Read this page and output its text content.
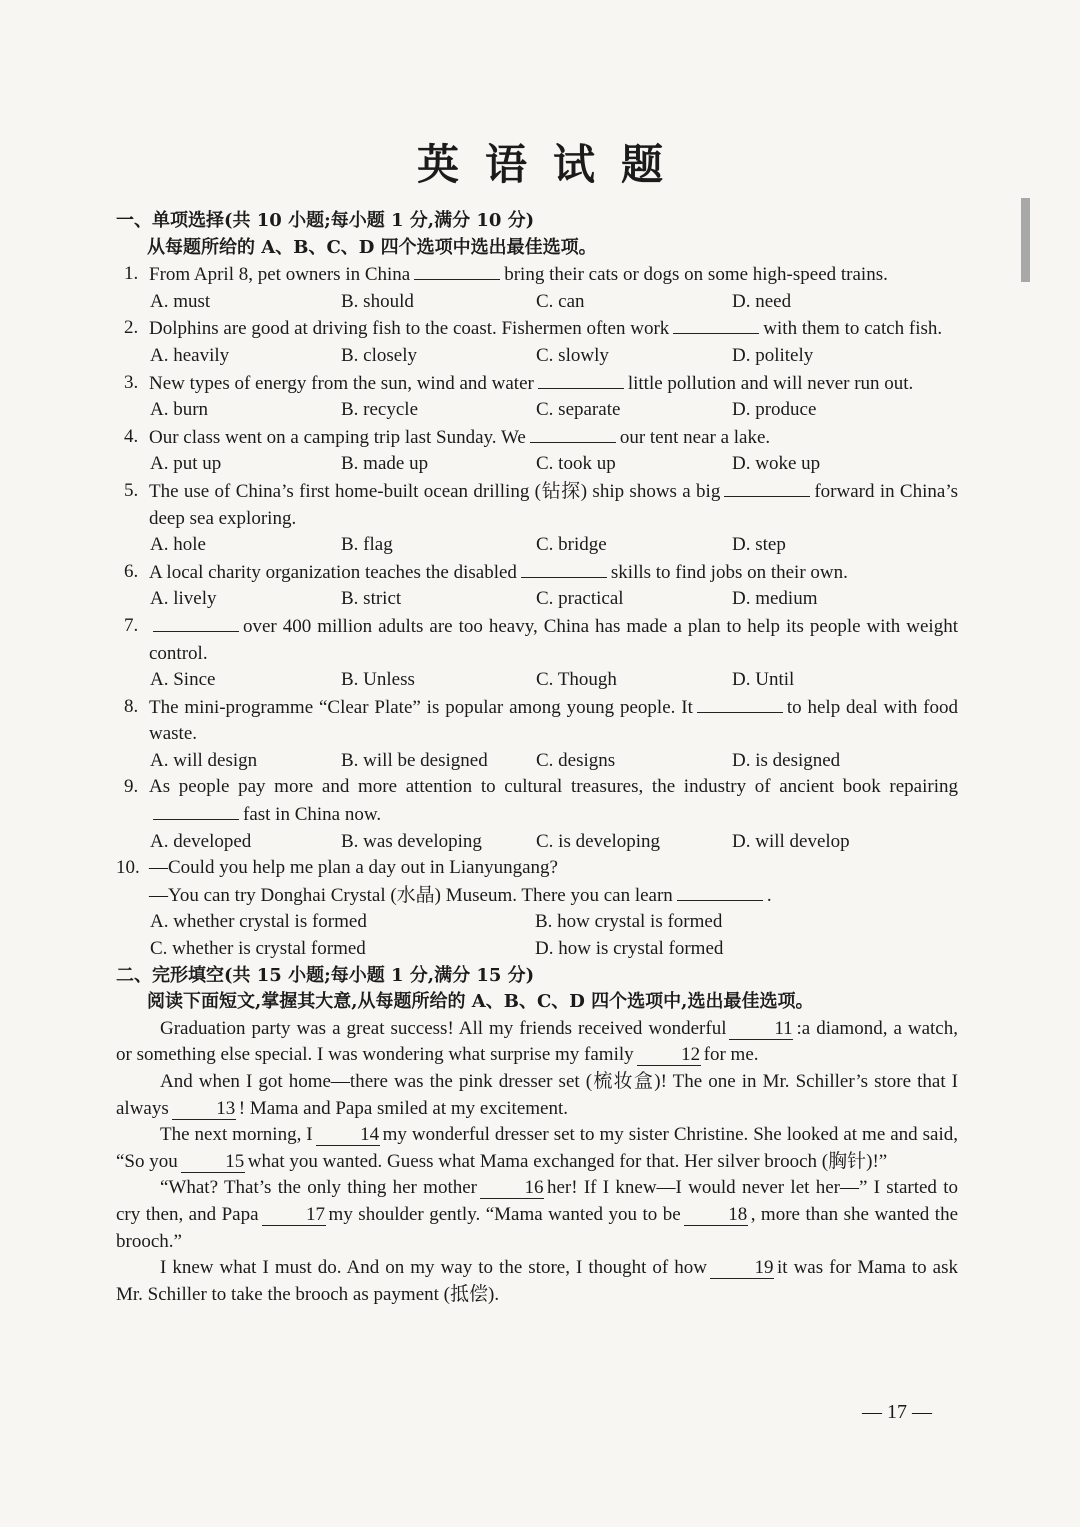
英语试题
一、单项选择(共 10 小题;每小题 1 分,满分 10 分)
从每题所给的 A、B、C、D 四个选项中选出最佳选项。
1. From April 8, pet owners in China	bring their cats or dogs on some high-speed trains.
A. must	B. should	C. can	D. need
2. Dolphins are good at driving fish to the coast. Fishermen often work	with them to catch fish.
A. heavily	B. closely	C. slowly	D. politely
3. New types of energy from the sun, wind and water	little pollution and will never run out.
A. burn	B. recycle	C. separate	D. produce
4. Our class went on a camping trip last Sunday. We	our tent near a lake.
A. put up	B. made up	C. took up	D. woke up
5. The use of China’s first home-built ocean drilling (钻探) ship shows a big	forward in China’s deep sea exploring.
A. hole	B. flag	C. bridge	D. step
6. A local charity organization teaches the disabled	skills to find jobs on their own.
A. lively	B. strict	C. practical	D. medium
7.	over 400 million adults are too heavy, China has made a plan to help its people with weight control.
A. Since	B. Unless	C. Though	D. Until
8. The mini-programme “Clear Plate” is popular among young people. It	to help deal with food waste.
A. will design	B. will be designed	C. designs	D. is designed
9. As people pay more and more attention to cultural treasures, the industry of ancient book repairingfast in China now.
A. developed	B. was developing	C. is developing	D. will develop
10. —Could you help me plan a day out in Lianyungang?
—You can try Donghai Crystal (水晶) Museum. There you can learn	.
A. whether crystal is formed	B. how crystal is formed
C. whether is crystal formed	D. how is crystal formed
二、完形填空(共 15 小题;每小题 1 分,满分 15 分)
阅读下面短文,掌握其大意,从每题所给的 A、B、C、D 四个选项中,选出最佳选项。
Graduation party was a great success! All my friends received wonderful	11 :a diamond, a watch, or something else special. I was wondering what surprise my family	12 for me.
And when I got home—there was the pink dresser set (梳妆盒)! The one in Mr. Schiller’s store that I always	13 ! Mama and Papa smiled at my excitement.
The next morning, I	14 my wonderful dresser set to my sister Christine. She looked at me and said, “So you	15 what you wanted. Guess what Mama exchanged for that. Her silver brooch (胸针)!”
“What? That’s the only thing her mother	16 her! If I knew—I would never let her—” I started to cry then, and Papa	17 my shoulder gently. “Mama wanted you to be	18 , more than she wanted the brooch.”
I knew what I must do. And on my way to the store, I thought of how	19 it was for Mama to ask Mr. Schiller to take the brooch as payment (抵偿).
— 17 —
